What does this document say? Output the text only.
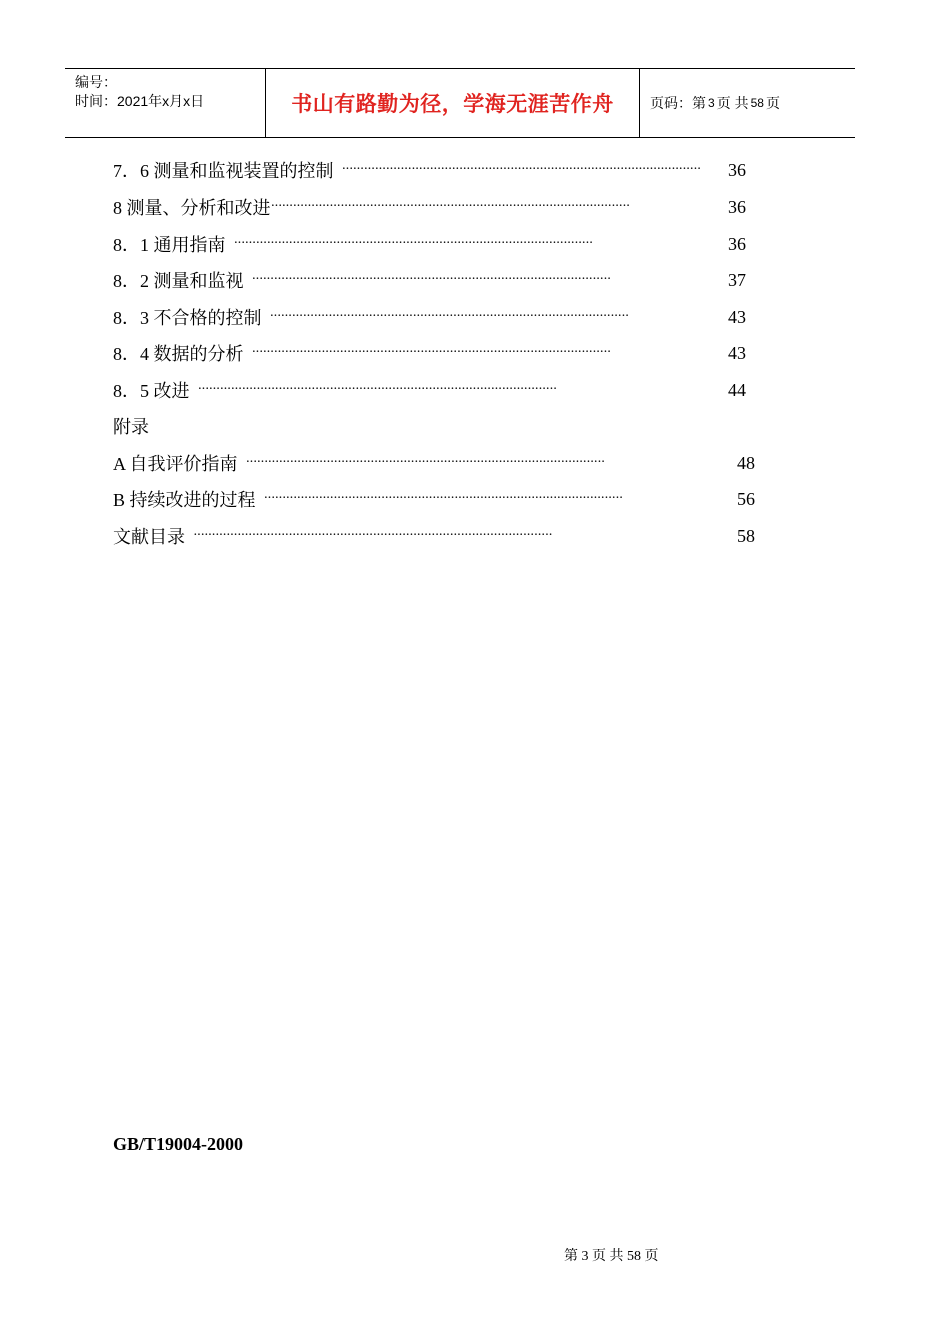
编号：
时间：2021年x月x日	书山有路勤为径，学海无涯苦作舟	页码：第 3 页 共 58 页
7．6 测量和监视装置的控制 ··································································································	36
8 测量、分析和改进 ··································································································	36
8．1 通用指南 ··································································································	36
8．2 测量和监视 ··································································································	37
8．3 不合格的控制 ··································································································	43
8．4 数据的分析 ··································································································	43
8．5 改进 ··································································································	44
附录
A 自我评价指南 ··································································································	48
B 持续改进的过程 ··································································································	56
文献目录 ··································································································	58
GB/T19004-2000
第 3 页 共 58 页
